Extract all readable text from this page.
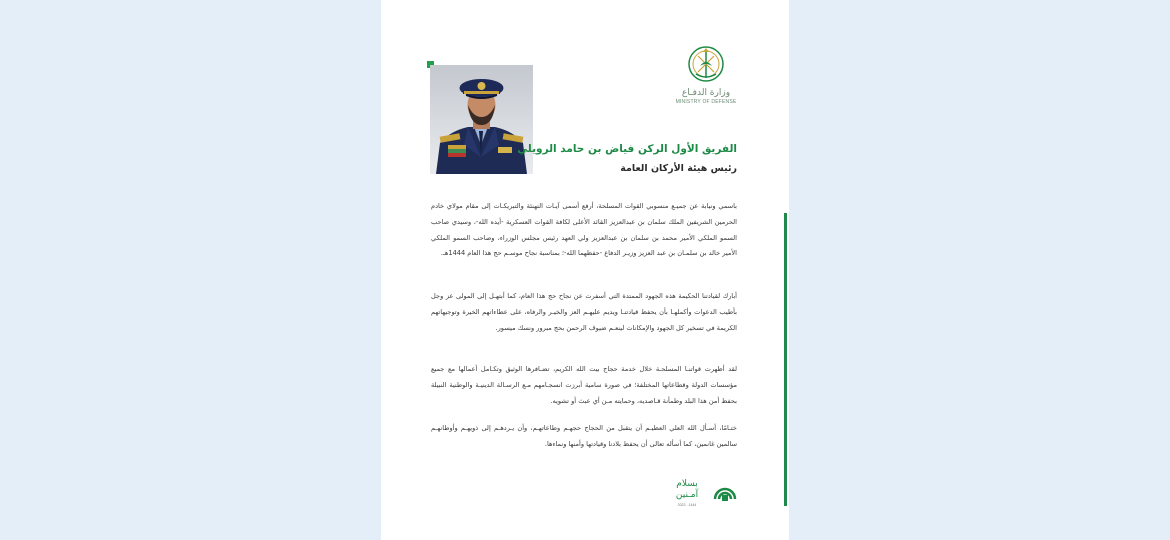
وزارة الدفـاع
MINISTRY OF DEFENSE
الفريق الأول الركن فياض بن حامد الرويلي
رئيس هيئة الأركان العامة

باسمي ونيابة عن جميـع منسوبي القوات المسلحة، أرفع أسمى آيـات التهنئة والتبريكـات إلى مقام مولاي خادم الحرمين الشريفين الملك سلمان بن عبدالعزيز القائد الأعلى لكافة القوات العسكرية -أيده الله-، وسيدي صاحب السمو الملكي الأمير محمد بن سلمان بن عبدالعزيز ولي العهد رئيس مجلس الوزراء، وصاحب السمو الملكي الأمير خالد بن سلمـان بن عبد العزيز وزيـر الدفاع -حفظهما الله-؛ بمناسبة نجاح موسـم حج هذا العام 1444هـ.

أبارك لقيادتنا الحكيمة هذه الجهود الممتدة التي أسفرت عن نجاح حج هذا العام، كما أبتهـل إلى المولى عز وجل بأطيب الدعوات وأكملهـا بأن يحفظ قيادتنـا ويديم عليهـم العز والخيـر والرفاه، على عطاءاتهم الخيرة وتوجيهاتهم الكريمة في تسخير كل الجهود والإمكانات لينعـم ضيوف الرحمن بحج مبرور ونسك ميسور.

لقد أظهرت قواتنـا المسلحـة خلال خدمة حجاج بيت الله الكريم، تضـافرها الوثيق وتكـامل أعمالها مع جميع مؤسسات الدولة وقطاعاتها المختلفة؛ في صورة سامية أبرزت انسجـامهم مـع الرسـالة الدينيـة والوطنية النبيلة بحفظ أمن هذا البلد وطمأنة قـاصديه، وحمايته مـن أي عبث أو تشويه.

ختـامًا، أسـأل الله العلي العظيـم أن يتقبل من الحجاج حجهـم وطاعاتهـم، وأن يـردهـم إلى ذويهـم وأوطانهـم سالمين غانمين، كما أسأله تعالى أن يحفظ بلادنا وقيادتها وأمنها ونماءها.

بسلام
آمـنين
2023 - 1444
